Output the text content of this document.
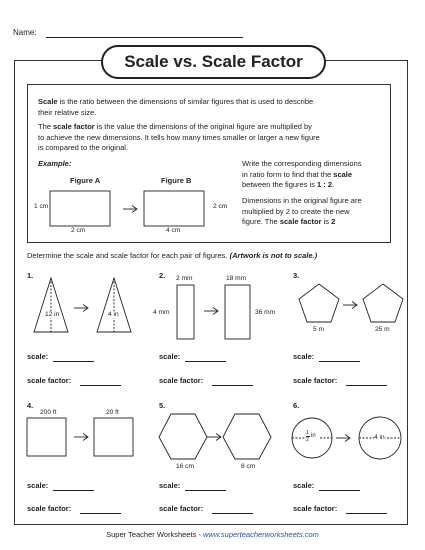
Name:
Scale vs. Scale Factor
Scale is the ratio between the dimensions of similar figures that is used to describe
their relative size.
The scale factor is the value the dimensions of the original figure are multiplied by
to achieve the new dimensions. It tells how many times smaller or larger a new figure
is compared to the original.
Example:
Figure A	Figure B
1 cm
2 cm
2 cm
4 cm
Write the corresponding dimensions
in ratio form to find that the scale
between the figures is 1 : 2.
Dimensions in the original figure are
multiplied by 2 to create the new
figure. The scale factor is 2
Determine the scale and scale factor for each pair of figures. (Artwork is not to scale.)
1.	2.	3.
4.	5.	6.
12 in	4 in
2 mm	18 mm
4 mm	36 mm
5 m	25 m
200 ft	20 ft
16 cm	8 cm
1
2
in	4 in
scale:	scale:	scale:
scale factor:	scale factor:	scale factor:
scale:	scale:	scale:
scale factor:	scale factor:	scale factor:
Super Teacher Worksheets - www.superteacherworksheets.com
